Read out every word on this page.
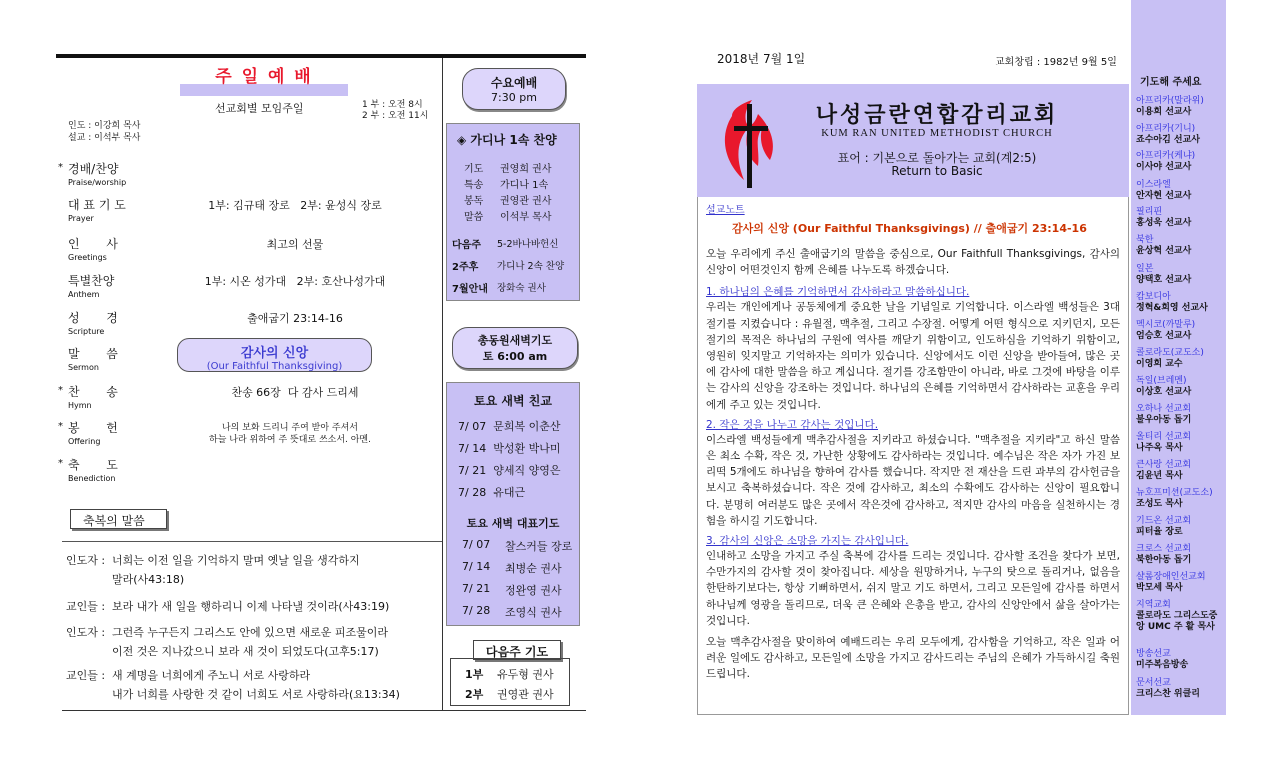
주 일 예 배
선교회별 모임주일	1 부 : 오전 8시
2 부 : 오전 11시
인도 : 이강희 목사
설교 : 이석부 목사
* 경배/찬양
Praise/worship
대 표 기 도
Prayer
1부: 김규태 장로   2부: 윤성식 장로
인       사
Greetings
최고의 선물
특별찬양
Anthem
1부: 시온 성가대   2부: 호산나성가대
성       경
Scripture
출애굽기 23:14-16
말       씀
Sermon
* 찬       송
Hymn
찬송 66장  다 감사 드리세
* 봉       헌
Offering
* 축       도
Benediction
감사의 신앙
(Our Faithful Thanksgiving)
나의 보화 드리니 주여 받아 주셔서
하늘 나라 위하여 주 뜻대로 쓰소서. 아멘.
축복의 말씀
인도자 : 너희는 이전 일을 기억하지 말며 옛날 일을 생각하지
말라(사43:18)
교인들 : 보라 내가 새 일을 행하리니 이제 나타낼 것이라(사43:19)
인도자 : 그런즉 누구든지 그리스도 안에 있으면 새로운 피조물이라
이전 것은 지나갔으니 보라 새 것이 되었도다(고후5:17)
교인들 : 새 계명을 너희에게 주노니 서로 사랑하라
내가 너희를 사랑한 것 같이 너희도 서로 사랑하라(요13:34)
수요예배
7:30 pm
◈ 가디나 1속 찬양
기도 권영희 권사
특송 가디나 1속
봉독 권영관 권사
말씀 이석부 목사
다음주 5-2바나바헌신
2주후 가디나 2속 찬양
7월안내 장화숙 권사
총동원새벽기도
토 6:00 am
토요 새벽 친교
7/ 07  문희복 이춘산
7/ 14  박성환 박나미
7/ 21  양세직 양영은
7/ 28  유대근
토요 새벽 대표기도
7/ 07 찰스커들 장로
7/ 14 최병순 권사
7/ 21 정완영 권사
7/ 28 조영식 권사
다음주 기도
1부 유두형 권사
2부 권영관 권사
2018년 7월 1일	교회창립 : 1982년 9월 5일
나성금란연합감리교회
KUM RAN UNITED METHODIST CHURCH
표어 : 기본으로 돌아가는 교회(계2:5)
Return to Basic
설교노트
감사의 신앙 (Our Faithful Thanksgivings) // 출애굽기 23:14-16

오늘 우리에게 주신 출애굽기의 말씀을 중심으로, Our Faithfull Thanksgivings, 감사의 신앙이 어떤것인지 함께 은혜를 나누도록 하겠습니다.

1. 하나님의 은혜를 기억하면서 감사하라고 말씀하십니다.

우리는 개인에게나 공동체에게 중요한 날을 기념일로 기억합니다. 이스라엘 백성들은 3대 절기를 지켰습니다 : 유월절, 맥추절, 그리고 수장절. 어떻게 어떤 형식으로 지키던지, 모든 절기의 목적은 하나님의 구원에 역사를 깨닫기 위함이고, 인도하심을 기억하기 위함이고, 영원히 잊지말고 기억하자는 의미가 있습니다. 신앙에서도 이런 신앙을 받아들여, 많은 곳에 감사에 대한 말씀을 하고 계십니다. 절기를 강조함만이 아니라, 바로 그것에 바탕을 이루는 감사의 신앙을 강조하는 것입니다. 하나님의 은혜를 기억하면서 감사하라는 교훈을 우리에게 주고 있는 것입니다.

2. 작은 것을 나누고 감사는 것입니다.

이스라엘 백성들에게 맥추감사절을 지키라고 하셨습니다. "맥추절을 지키라"고 하신 말씀은 최소 수확, 작은 것, 가난한 상황에도 감사하라는 것입니다. 예수님은 작은 자가 가진 보리떡 5개에도 하나님을 향하여 감사를 했습니다. 작지만 전 재산을 드린 과부의 감사헌금을 보시고 축복하셨습니다. 작은 것에 감사하고, 최소의 수확에도 감사하는 신앙이 필요합니다. 분명히 여러분도 많은 곳에서 작은것에 감사하고, 적지만 감사의 마음을 실천하시는 경험을 하시길 기도합니다.

3. 감사의 신앙은 소망을 가지는 감사입니다.

인내하고 소망을 가지고 주실 축복에 감사를 드리는 것입니다. 감사할 조건을 찾다가 보면, 수만가지의 감사할 것이 찾아집니다. 세상을 원망하거나, 누구의 탓으로 돌리거나, 없음을 한탄하기보다는, 항상 기뻐하면서, 쉬지 말고 기도 하면서, 그리고 모든일에 감사를 하면서 하나님께 영광을 돌리므로, 더욱 큰 은혜와 은총을 받고, 감사의 신앙안에서 삶을 살아가는 것입니다.

오늘 맥추감사절을 맞이하여 예배드리는 우리 모두에게, 감사함을 기억하고, 작은 일과 어려운 일에도 감사하고, 모든일에 소망을 가지고 감사드리는 주님의 은혜가 가득하시길 축원드립니다.

기도해 주세요
아프리카(말라위)
이용희 선교사
아프리카(기니)
죠수아김 선교사
아프리카(케냐)
이사야 선교사
이스라엘
안자현 선교사
필리핀
홍성욱 선교사
북한
윤상혁 선교사
일본
양택호 선교사
캄보디아
정혁&희영 선교사
멕시코(까말루)
엄승호 선교사
콜로라도(교도소)
이영희 교수
독일(브레멘)
이상호 선교사
오하나 선교회
불우아동 돕기
올티리 선교회
나주옥 목사
큰사랑 선교회
김윤년 목사
뉴호프미션(교도소)
조성도 목사
기드온 선교회
피터율 장로
크로스 선교회
북한아동 돕기
샬롬장애인선교회
박모세 목사
지역교회
콜로라도 그리스도중앙 UMC 주 활 목사
방송선교
미주복음방송
문서선교
크리스찬 위클리
